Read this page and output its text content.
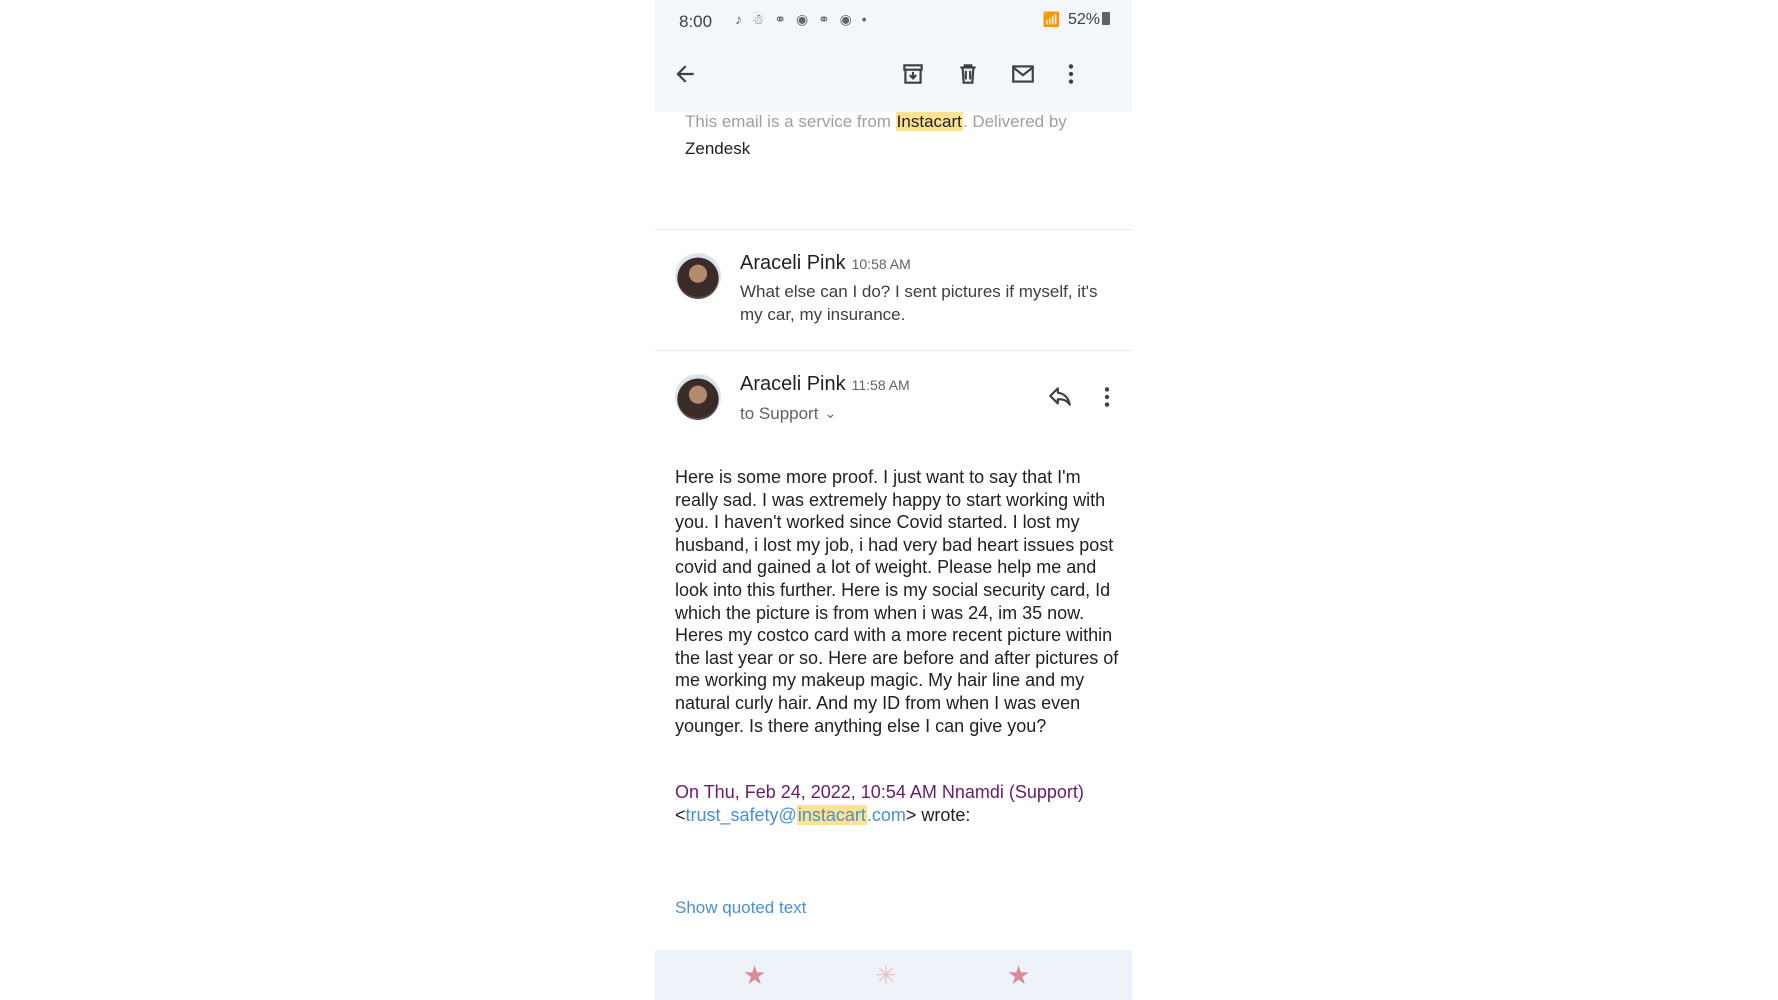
8:00 ♪ ☃ ⚭ ◉ ⚭ ◉ •	📶 52%
This email is a service from Instacart. Delivered by
Zendesk
Araceli Pink 10:58 AM
What else can I do? I sent pictures if myself, it's my car, my insurance.
Araceli Pink 11:58 AM
to Support ⌄
Here is some more proof. I just want to say that I'm really sad. I was extremely happy to start working with you. I haven't worked since Covid started. I lost my husband, i lost my job, i had very bad heart issues post covid and gained a lot of weight. Please help me and look into this further. Here is my social security card, Id which the picture is from when i was 24, im 35 now. Heres my costco card with a more recent picture within the last year or so. Here are before and after pictures of me working my makeup magic. My hair line and my natural curly hair. And my ID from when I was even younger. Is there anything else I can give you?
On Thu, Feb 24, 2022, 10:54 AM Nnamdi (Support)
<trust_safety@instacart.com> wrote:
Show quoted text
★	✳	★
